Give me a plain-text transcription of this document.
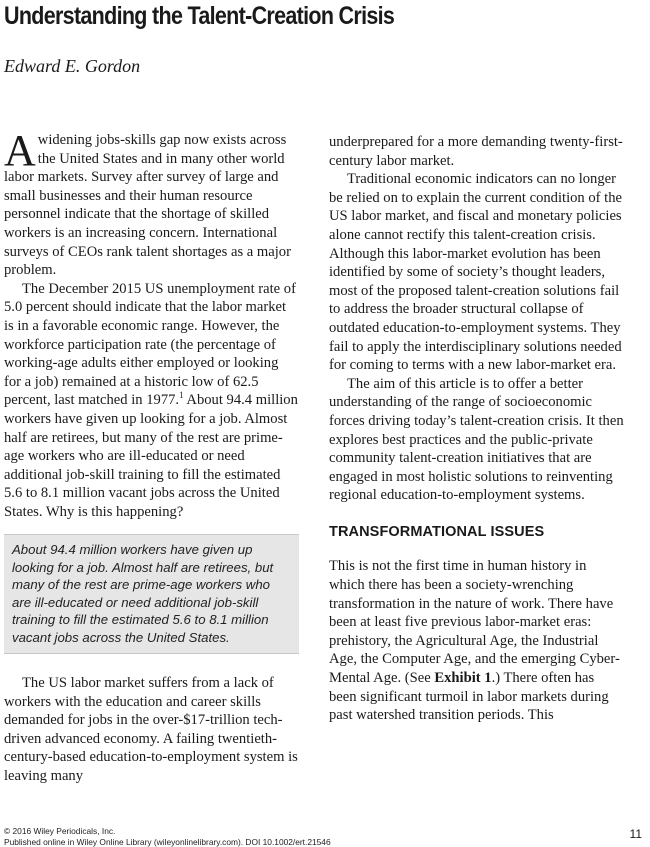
Understanding the Talent-Creation Crisis
Edward E. Gordon

A widening jobs-skills gap now exists across the United States and in many other world labor markets. Survey after survey of large and small businesses and their human resource personnel indicate that the shortage of skilled workers is an increasing concern. International surveys of CEOs rank talent shortages as a major problem.

The December 2015 US unemployment rate of 5.0 percent should indicate that the labor market is in a favorable economic range. However, the workforce participation rate (the percentage of working-age adults either employed or looking for a job) remained at a historic low of 62.5 percent, last matched in 1977.$^1$ About 94.4 million workers have given up looking for a job. Almost half are retirees, but many of the rest are prime-age workers who are ill-educated or need additional job-skill training to fill the estimated 5.6 to 8.1 million vacant jobs across the United States. Why is this happening?

About 94.4 million workers have given up looking for a job. Almost half are retirees, but many of the rest are prime-age workers who are ill-educated or need additional job-skill training to fill the estimated 5.6 to 8.1 million vacant jobs across the United States.

The US labor market suffers from a lack of workers with the education and career skills demanded for jobs in the over-$17-trillion tech-driven advanced economy. A failing twentieth-century-based education-to-employment system is leaving many

underprepared for a more demanding twenty-first-century labor market.

Traditional economic indicators can no longer be relied on to explain the current condition of the US labor market, and fiscal and monetary policies alone cannot rectify this talent-creation crisis. Although this labor-market evolution has been identified by some of society’s thought leaders, most of the proposed talent-creation solutions fail to address the broader structural collapse of outdated education-to-employment systems. They fail to apply the interdisciplinary solutions needed for coming to terms with a new labor-market era.

The aim of this article is to offer a better understanding of the range of socioeconomic forces driving today’s talent-creation crisis. It then explores best practices and the public-private community talent-creation initiatives that are engaged in most holistic solutions to reinventing regional education-to-employment systems.

TRANSFORMATIONAL ISSUES

This is not the first time in human history in which there has been a society-wrenching transformation in the nature of work. There have been at least five previous labor-market eras: prehistory, the Agricultural Age, the Industrial Age, the Computer Age, and the emerging Cyber-Mental Age. (See Exhibit 1.) There often has been significant turmoil in labor markets during past watershed transition periods. This

© 2016 Wiley Periodicals, Inc.
Published online in Wiley Online Library (wileyonlinelibrary.com). DOI 10.1002/ert.21546
11
